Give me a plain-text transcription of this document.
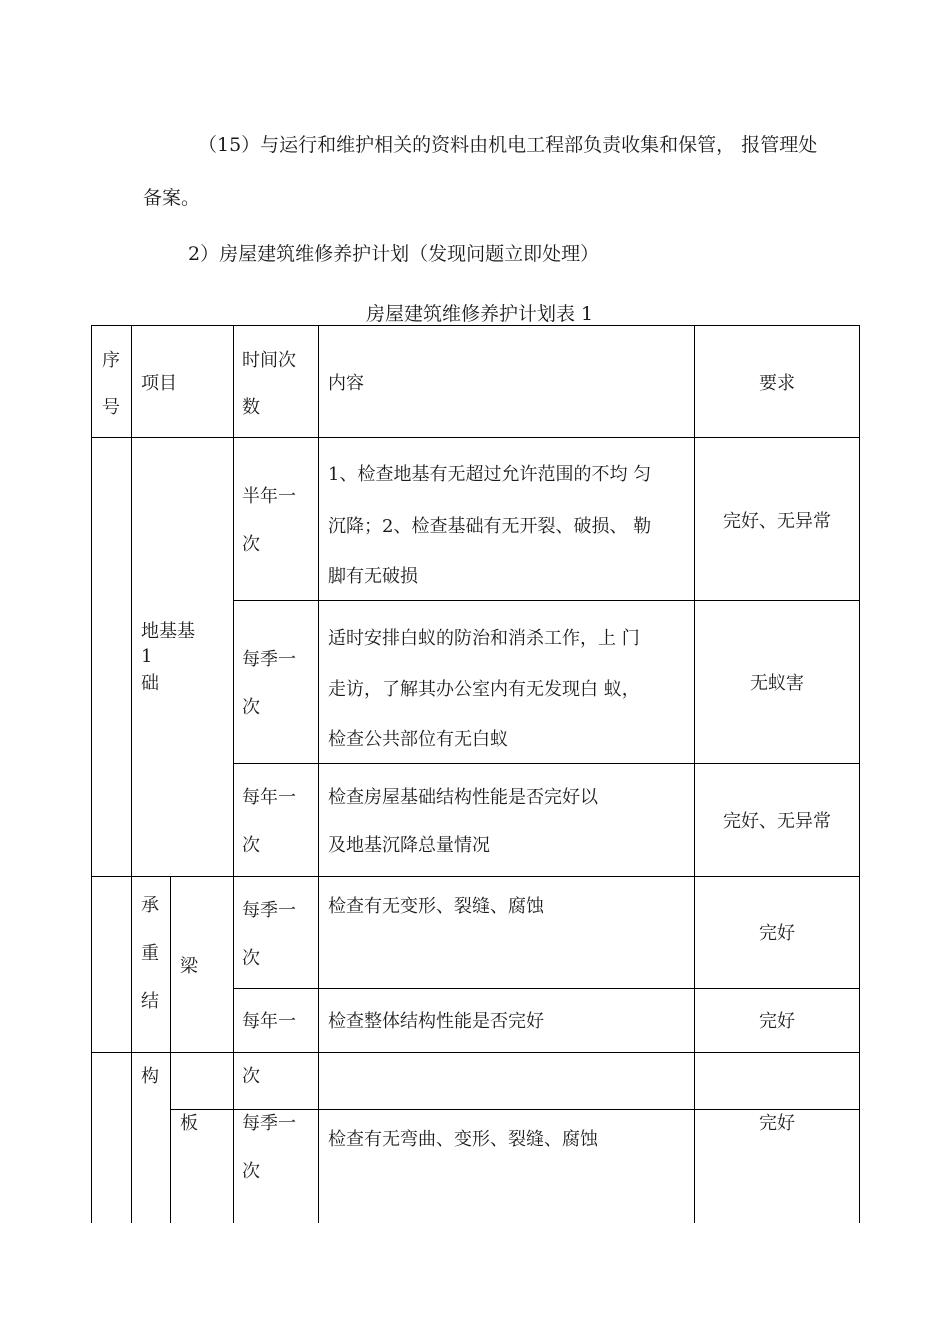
（15）与运行和维护相关的资料由机电工程部负责收集和保管， 报管理处
备案。
2）房屋建筑维修养护计划（发现问题立即处理）
房屋建筑维修养护计划表 1
序
号
项目
时间次
数
内容	要求
地基基
1
础
半年一
次
1、检查地基有无超过允许范围的不均 匀
沉降；2、检查基础有无开裂、破损、 勒
脚有无破损
完好、无异常
每季一
次
适时安排白蚁的防治和消杀工作，上 门
走访，了解其办公室内有无发现白 蚁，
检查公共部位有无白蚁
无蚁害
每年一
次
检查房屋基础结构性能是否完好以
及地基沉降总量情况
完好、无异常
承
重
结
构
梁
每季一
次
检查有无变形、裂缝、腐蚀
完好
每年一
次
检查整体结构性能是否完好	完好
板 每季一
次
检查有无弯曲、变形、裂缝、腐蚀
完好
